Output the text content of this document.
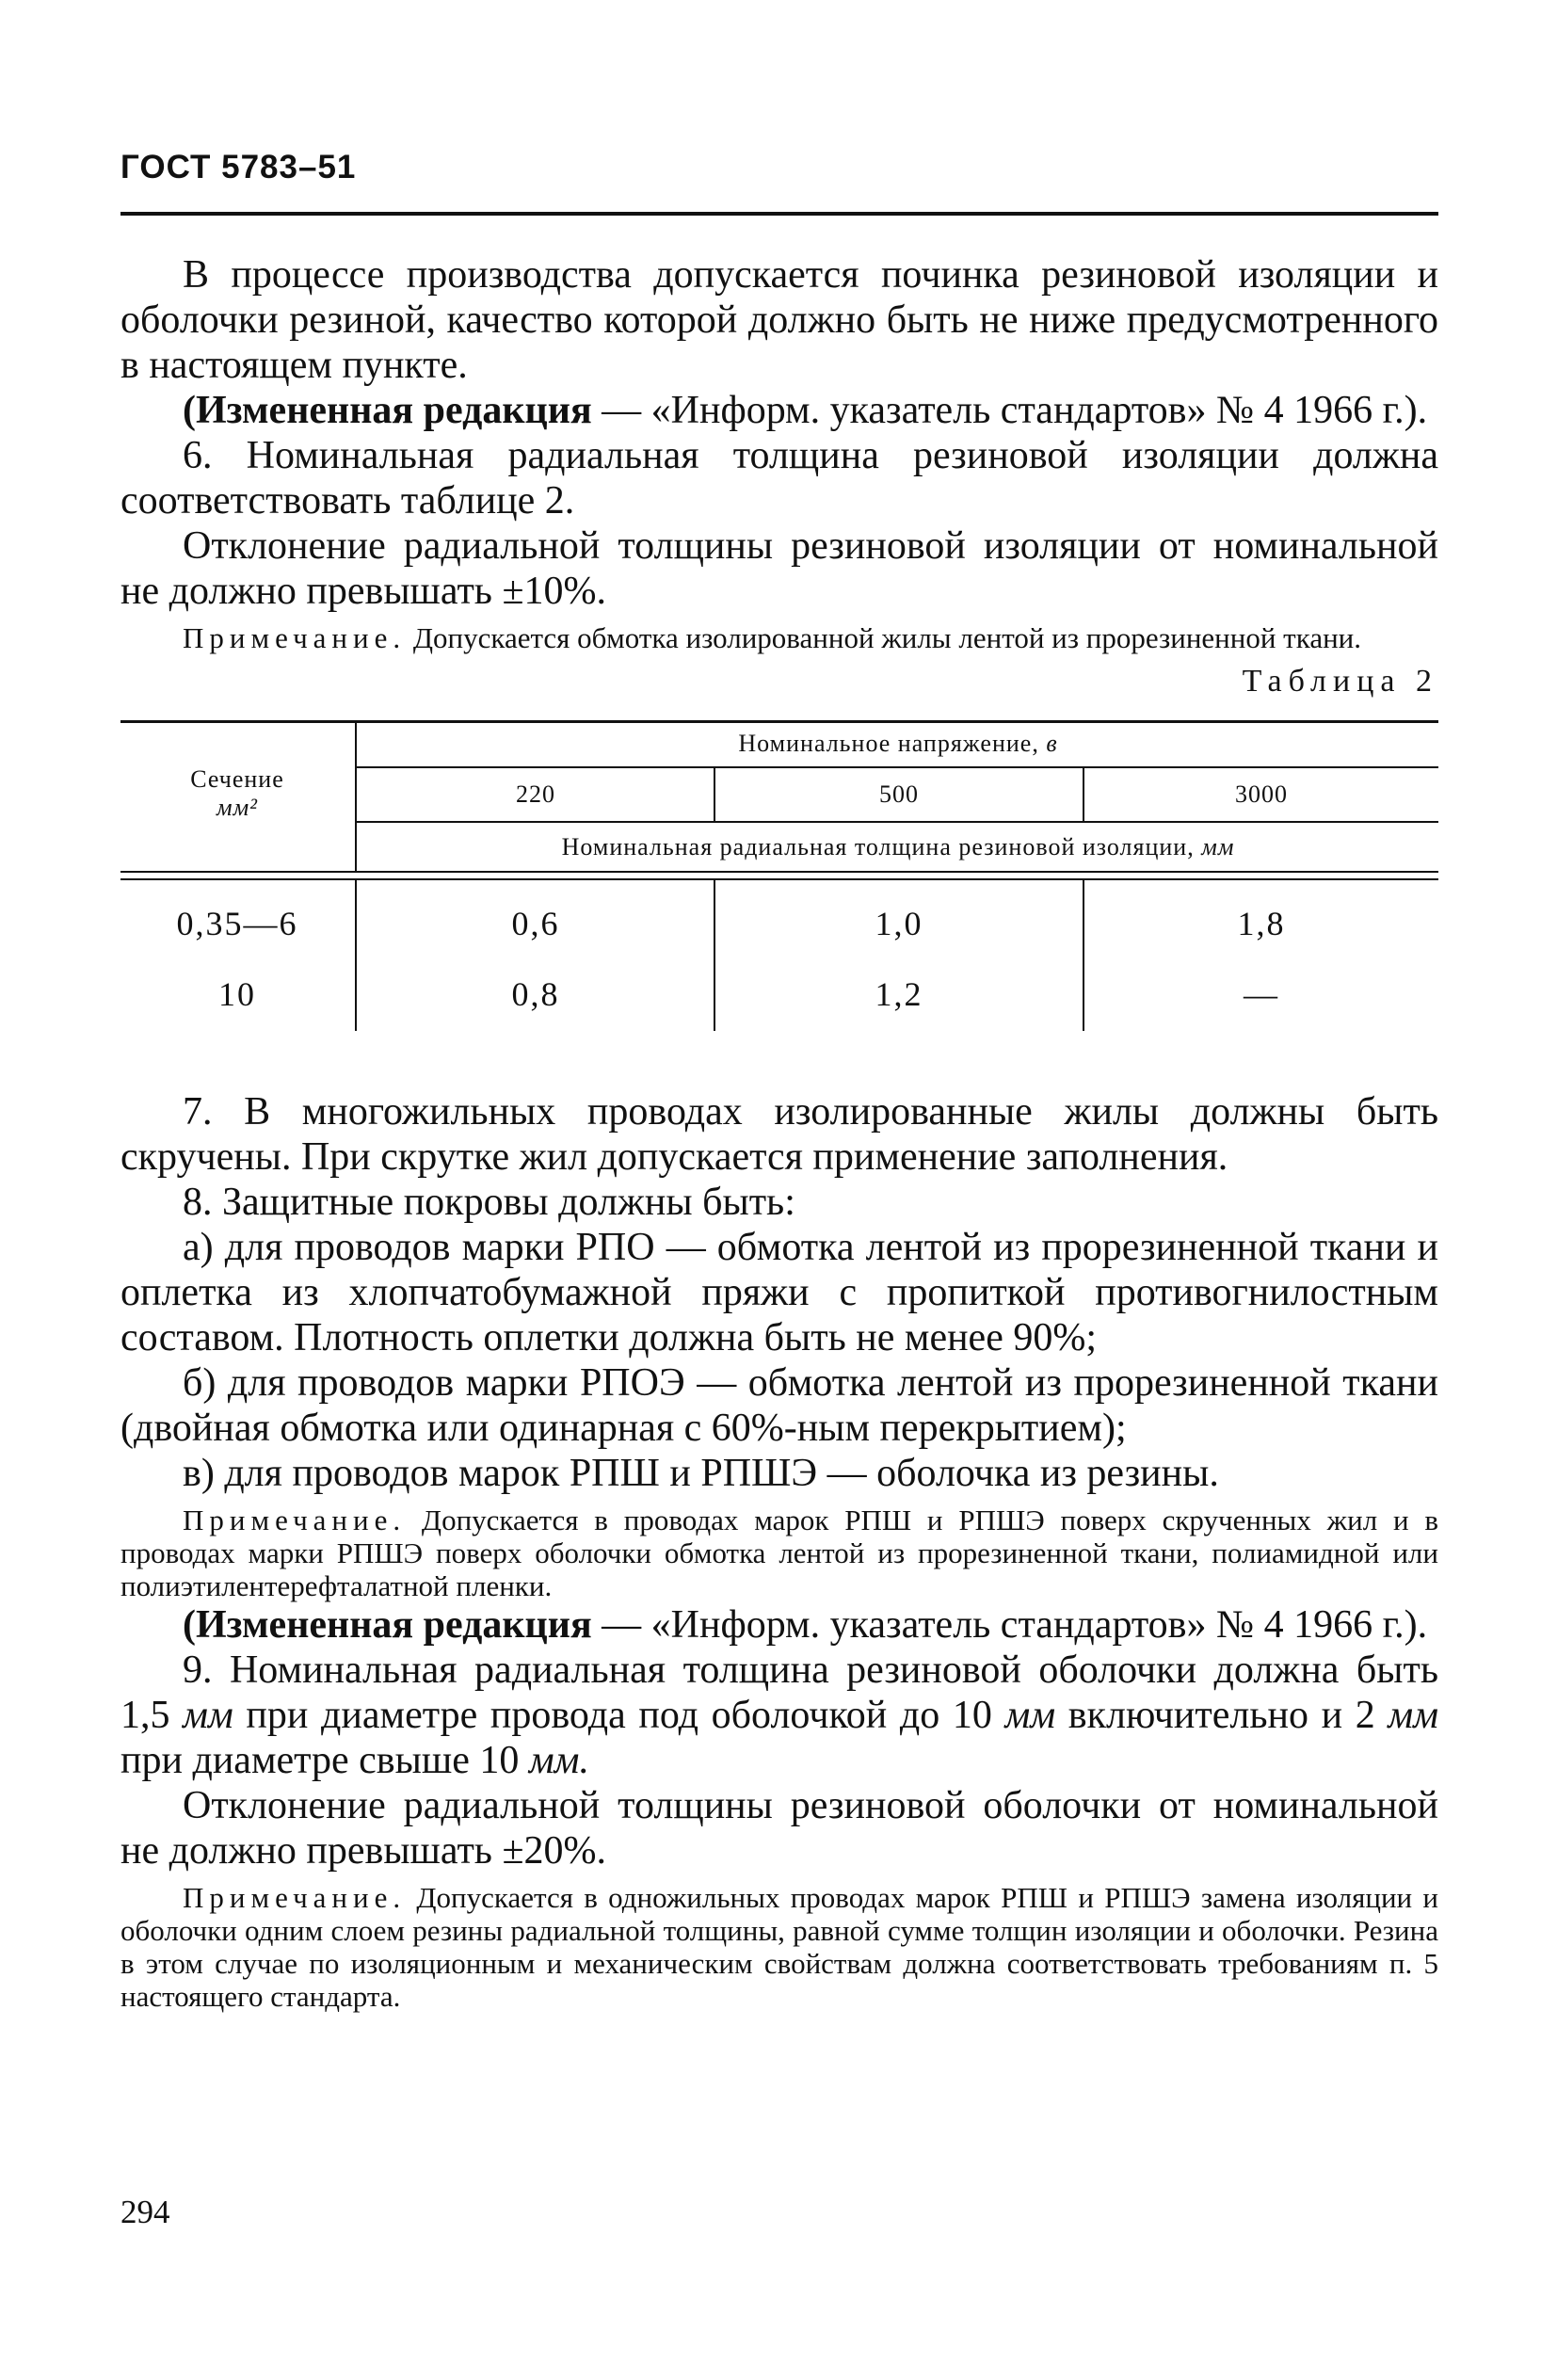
ГОСТ 5783–51

В процессе производства допускается починка резиновой изоляции и оболочки резиной, качество которой должно быть не ниже предусмотренного в настоящем пункте.

(Измененная редакция — «Информ. указатель стандартов» № 4 1966 г.).

6. Номинальная радиальная толщина резиновой изоляции должна соответствовать таблице 2.

Отклонение радиальной толщины резиновой изоляции от номинальной не должно превышать ±10%.

Примечание. Допускается обмотка изолированной жилы лентой из прорезиненной ткани.

Таблица 2
Сечение
мм²
Номинальное напряжение, в
220	500	3000
Номинальная радиальная толщина резиновой изоляции, мм
0,35—6	0,6	1,0	1,8
10	0,8	1,2	—

7. В многожильных проводах изолированные жилы должны быть скручены. При скрутке жил допускается применение заполнения.

8. Защитные покровы должны быть:

а) для проводов марки РПО — обмотка лентой из прорезиненной ткани и оплетка из хлопчатобумажной пряжи с пропиткой противогнилостным составом. Плотность оплетки должна быть не менее 90%;

б) для проводов марки РПОЭ — обмотка лентой из прорезиненной ткани (двойная обмотка или одинарная с 60%-ным перекрытием);

в) для проводов марок РПШ и РПШЭ — оболочка из резины.

Примечание. Допускается в проводах марок РПШ и РПШЭ поверх скрученных жил и в проводах марки РПШЭ поверх оболочки обмотка лентой из прорезиненной ткани, полиамидной или полиэтилентерефталатной пленки.

(Измененная редакция — «Информ. указатель стандартов» № 4 1966 г.).

9. Номинальная радиальная толщина резиновой оболочки должна быть 1,5 мм при диаметре провода под оболочкой до 10 мм включительно и 2 мм при диаметре свыше 10 мм.

Отклонение радиальной толщины резиновой оболочки от номинальной не должно превышать ±20%.

Примечание. Допускается в одножильных проводах марок РПШ и РПШЭ замена изоляции и оболочки одним слоем резины радиальной толщины, равной сумме толщин изоляции и оболочки. Резина в этом случае по изоляционным и механическим свойствам должна соответствовать требованиям п. 5 настоящего стандарта.

294
